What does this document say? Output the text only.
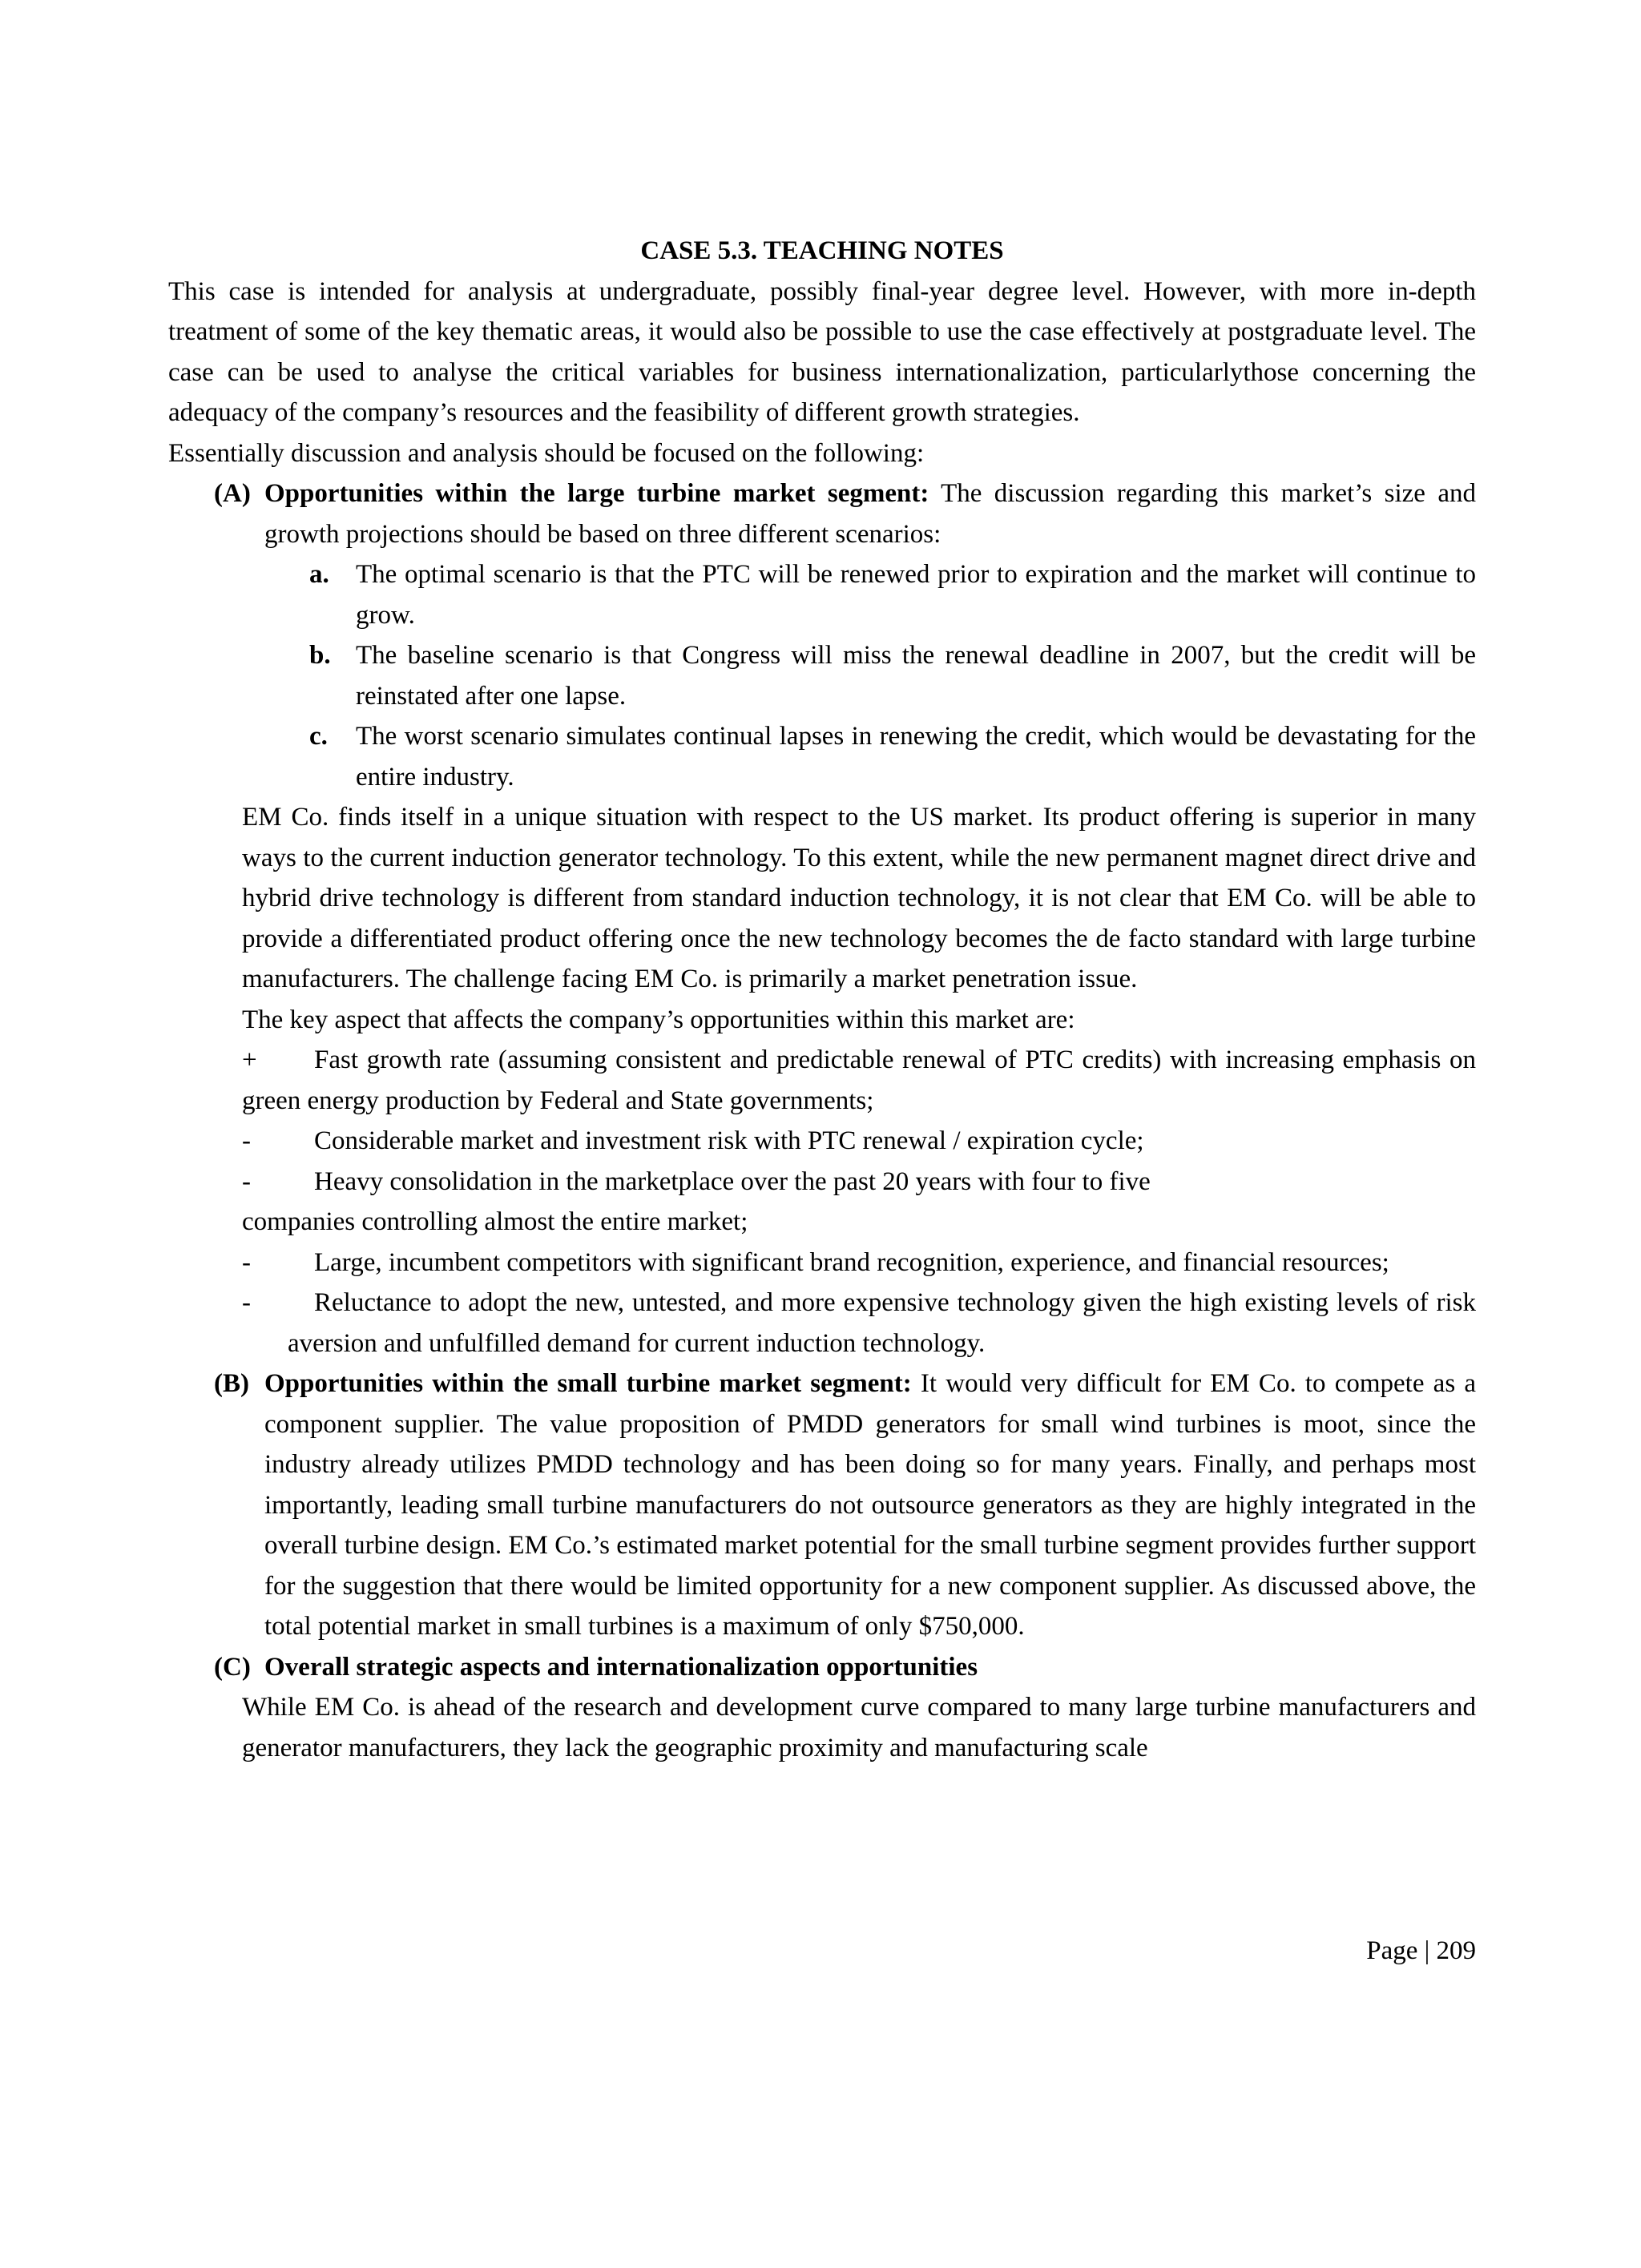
CASE 5.3. TEACHING NOTES

This case is intended for analysis at undergraduate, possibly final-year degree level. However, with more in-depth treatment of some of the key thematic areas, it would also be possible to use the case effectively at postgraduate level. The case can be used to analyse the critical variables for business internationalization, particularlythose concerning the adequacy of the company’s resources and the feasibility of different growth strategies.

Essentially discussion and analysis should be focused on the following:

(A) Opportunities within the large turbine market segment: The discussion regarding this market’s size and growth projections should be based on three different scenarios:

a. The optimal scenario is that the PTC will be renewed prior to expiration and the market will continue to grow.

b. The baseline scenario is that Congress will miss the renewal deadline in 2007, but the credit will be reinstated after one lapse.

c. The worst scenario simulates continual lapses in renewing the credit, which would be devastating for the entire industry.

EM Co. finds itself in a unique situation with respect to the US market. Its product offering is superior in many ways to the current induction generator technology. To this extent, while the new permanent magnet direct drive and hybrid drive technology is different from standard induction technology, it is not clear that EM Co. will be able to provide a differentiated product offering once the new technology becomes the de facto standard with large turbine manufacturers. The challenge facing EM Co. is primarily a market penetration issue.

The key aspect that affects the company’s opportunities within this market are:

+ Fast growth rate (assuming consistent and predictable renewal of PTC credits) with increasing emphasis on green energy production by Federal and State governments;

- Considerable market and investment risk with PTC renewal / expiration cycle;

- Heavy consolidation in the marketplace over the past 20 years with four to five

companies controlling almost the entire market;

- Large, incumbent competitors with significant brand recognition, experience, and financial resources;

- Reluctance to adopt the new, untested, and more expensive technology given the high existing levels of risk aversion and unfulfilled demand for current induction technology.

(B) Opportunities within the small turbine market segment: It would very difficult for EM Co. to compete as a component supplier. The value proposition of PMDD generators for small wind turbines is moot, since the industry already utilizes PMDD technology and has been doing so for many years. Finally, and perhaps most importantly, leading small turbine manufacturers do not outsource generators as they are highly integrated in the overall turbine design. EM Co.’s estimated market potential for the small turbine segment provides further support for the suggestion that there would be limited opportunity for a new component supplier. As discussed above, the total potential market in small turbines is a maximum of only $750,000.

(C) Overall strategic aspects and internationalization opportunities

While EM Co. is ahead of the research and development curve compared to many large turbine manufacturers and generator manufacturers, they lack the geographic proximity and manufacturing scale

Page | 209
